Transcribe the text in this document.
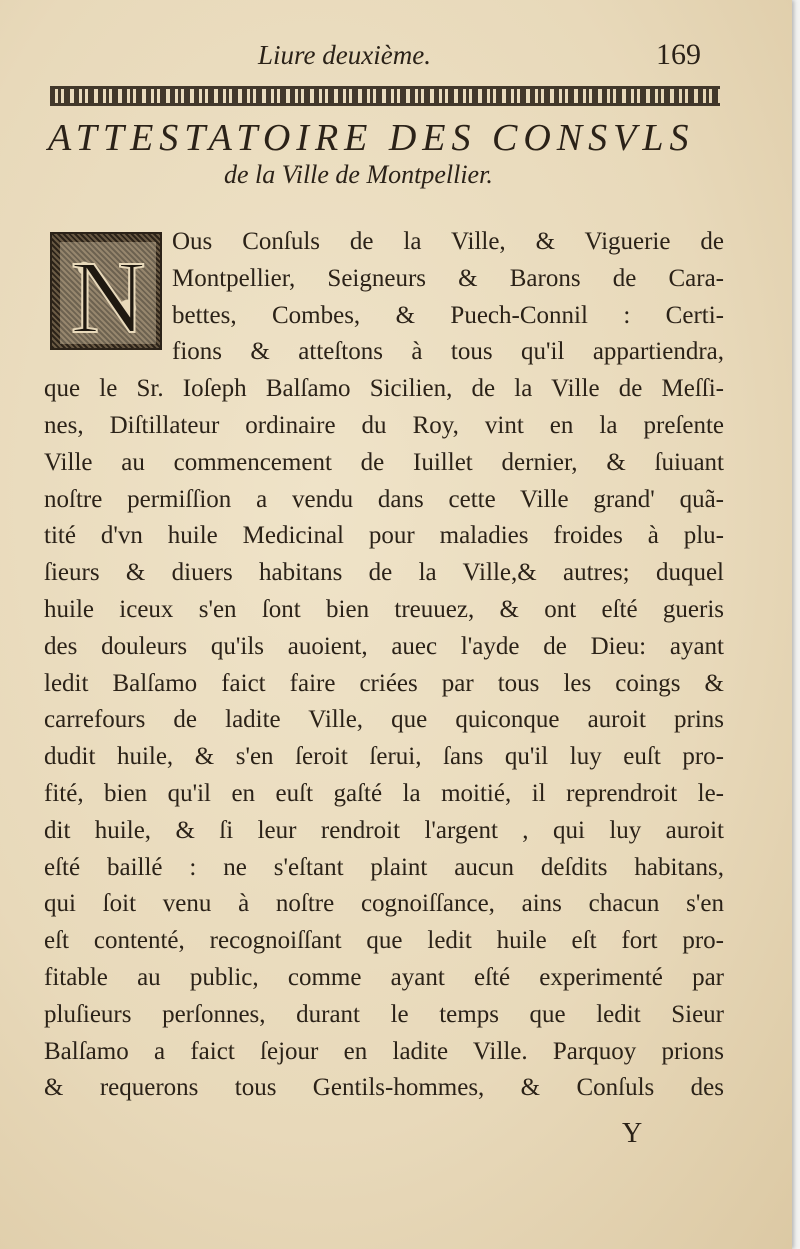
Liure deuxième.	169
ATTESTATOIRE DES CONSVLS
de la Ville de Montpellier.
N	Ous Conſuls de la Ville, & Viguerie de
Montpellier, Seigneurs & Barons de Cara-
bettes, Combes, & Puech-Connil : Certi-
fions & atteſtons à tous qu'il appartiendra,
que le Sr. Ioſeph Balſamo Sicilien, de la Ville de Meſſi-
nes, Diſtillateur ordinaire du Roy, vint en la preſente
Ville au commencement de Iuillet dernier, & ſuiuant
noſtre permiſſion a vendu dans cette Ville grand' quã-
tité d'vn huile Medicinal pour maladies froides à plu-
ſieurs & diuers habitans de la Ville,& autres; duquel
huile iceux s'en ſont bien treuuez, & ont eſté gueris
des douleurs qu'ils auoient, auec l'ayde de Dieu: ayant
ledit Balſamo faict faire criées par tous les coings &
carrefours de ladite Ville, que quiconque auroit prins
dudit huile, & s'en ſeroit ſerui, ſans qu'il luy euſt pro-
fité, bien qu'il en euſt gaſté la moitié, il reprendroit le-
dit huile, & ſi leur rendroit l'argent , qui luy auroit
eſté baillé : ne s'eſtant plaint aucun deſdits habitans,
qui ſoit venu à noſtre cognoiſſance, ains chacun s'en
eſt contenté, recognoiſſant que ledit huile eſt fort pro-
fitable au public, comme ayant eſté experimenté par
pluſieurs perſonnes, durant le temps que ledit Sieur
Balſamo a faict ſejour en ladite Ville. Parquoy prions
& requerons tous Gentils-hommes, & Conſuls des
Y
